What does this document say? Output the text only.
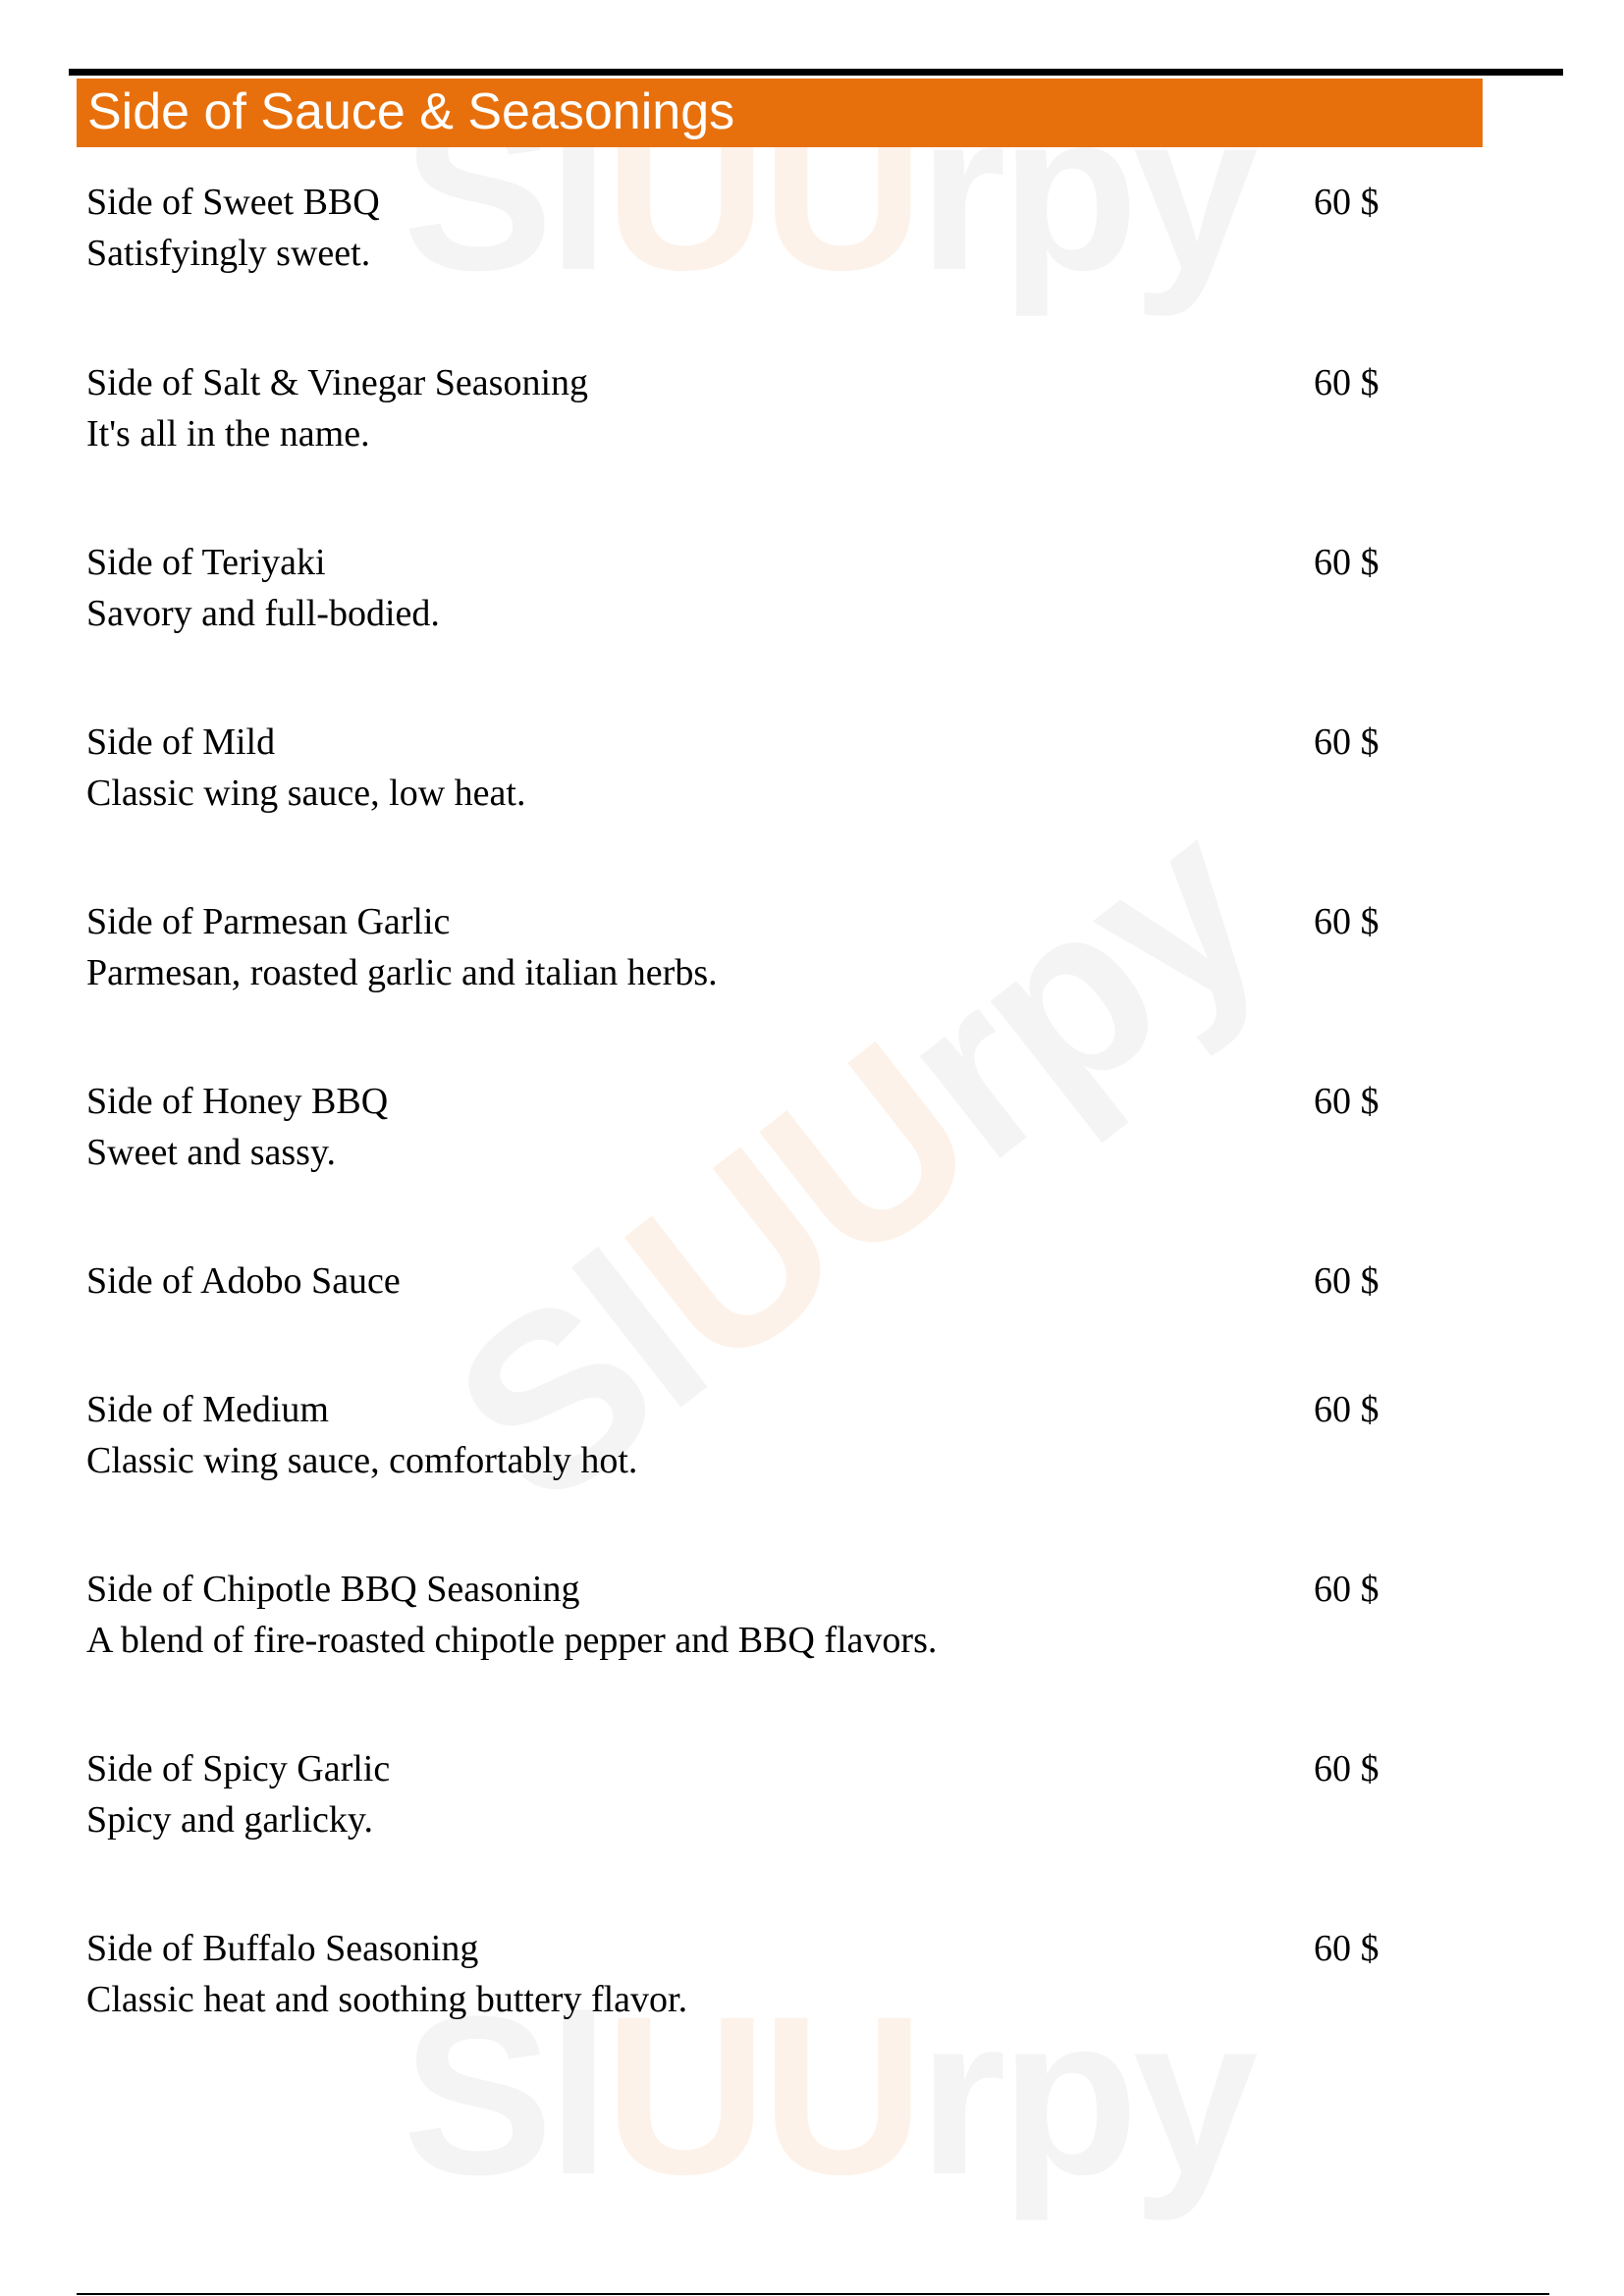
UU
UU
UU
Side of Sauce & Seasonings
Side of Sweet BBQ
Satisfyingly sweet.
60 $
Side of Salt & Vinegar Seasoning
It's all in the name.
60 $
Side of Teriyaki
Savory and full-bodied.
60 $
Side of Mild
Classic wing sauce, low heat.
60 $
Side of Parmesan Garlic
Parmesan, roasted garlic and italian herbs.
60 $
Side of Honey BBQ
Sweet and sassy.
60 $
Side of Adobo Sauce	60 $
Side of Medium
Classic wing sauce, comfortably hot.
60 $
Side of Chipotle BBQ Seasoning
A blend of fire-roasted chipotle pepper and BBQ flavors.
60 $
Side of Spicy Garlic
Spicy and garlicky.
60 $
Side of Buffalo Seasoning
Classic heat and soothing buttery flavor.
60 $
